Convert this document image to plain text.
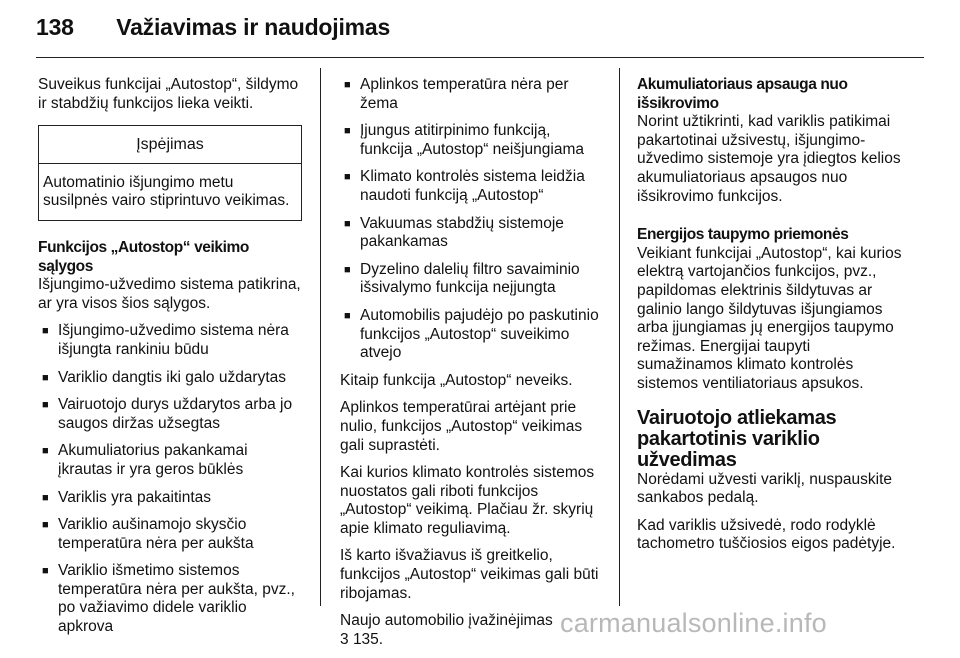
138 Važiavimas ir naudojimas

Suveikus funkcijai „Autostop“, šildymo ir stabdžių funkcijos lieka veikti.

Įspėjimas
Automatinio išjungimo metu susilpnės vairo stiprintuvo veikimas.

Funkcijos „Autostop“ veikimo sąlygos

Išjungimo-užvedimo sistema patikrina, ar yra visos šios sąlygos.

■ Išjungimo-užvedimo sistema nėra išjungta rankiniu būdu
■ Variklio dangtis iki galo uždarytas
■ Vairuotojo durys uždarytos arba jo saugos diržas užsegtas
■ Akumuliatorius pakankamai įkrautas ir yra geros būklės
■ Variklis yra pakaitintas
■ Variklio aušinamojo skysčio temperatūra nėra per aukšta
■ Variklio išmetimo sistemos temperatūra nėra per aukšta, pvz., po važiavimo didele variklio apkrova
■ Aplinkos temperatūra nėra per žema
■ Įjungus atitirpinimo funkciją, funkcija „Autostop“ neišjungiama
■ Klimato kontrolės sistema leidžia naudoti funkciją „Autostop“
■ Vakuumas stabdžių sistemoje pakankamas
■ Dyzelino dalelių filtro savaiminio išsivalymo funkcija neįjungta
■ Automobilis pajudėjo po paskutinio funkcijos „Autostop“ suveikimo atvejo

Kitaip funkcija „Autostop“ neveiks.

Aplinkos temperatūrai artėjant prie nulio, funkcijos „Autostop“ veikimas gali suprastėti.

Kai kurios klimato kontrolės sistemos nuostatos gali riboti funkcijos „Autostop“ veikimą. Plačiau žr. skyrių apie klimato reguliavimą.

Iš karto išvažiavus iš greitkelio, funkcijos „Autostop“ veikimas gali būti ribojamas.

Naujo automobilio įvažinėjimas
3 135.

Akumuliatoriaus apsauga nuo išsikrovimo

Norint užtikrinti, kad variklis patikimai pakartotinai užsivestų, išjungimo-užvedimo sistemoje yra įdiegtos kelios akumuliatoriaus apsaugos nuo išsikrovimo funkcijos.

Energijos taupymo priemonės

Veikiant funkcijai „Autostop“, kai kurios elektrą vartojančios funkcijos, pvz., papildomas elektrinis šildytuvas ar galinio lango šildytuvas išjungiamos arba įjungiamas jų energijos taupymo režimas. Energijai taupyti sumažinamos klimato kontrolės sistemos ventiliatoriaus apsukos.

Vairuotojo atliekamas pakartotinis variklio užvedimas

Norėdami užvesti variklį, nuspauskite sankabos pedalą.

Kad variklis užsivedė, rodo rodyklė tachometro tuščiosios eigos padėtyje.

carmanualsonline.info
